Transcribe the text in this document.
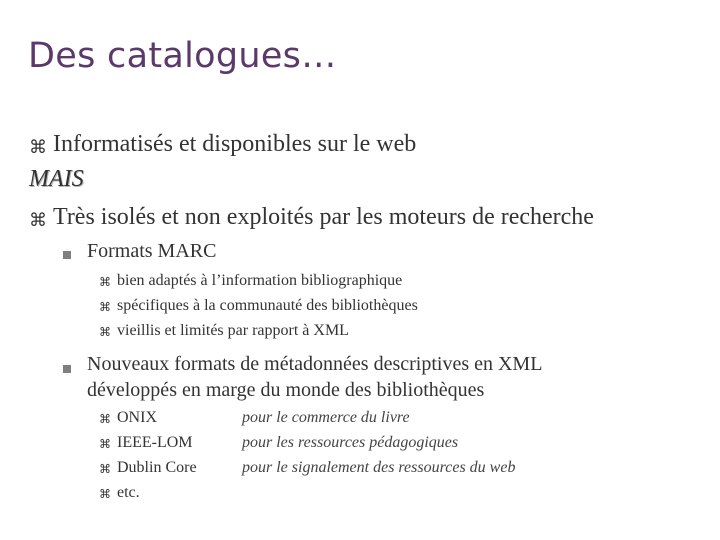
Des catalogues…
⌘ Informatisés et disponibles sur le web
MAIS
⌘ Très isolés et non exploités par les moteurs de recherche
Formats MARC
⌘ bien adaptés à l’information bibliographique
⌘ spécifiques à la communauté des bibliothèques
⌘ vieillis et limités par rapport à XML
Nouveaux formats de métadonnées descriptives en XML
développés en marge du monde des bibliothèques
⌘ ONIX	pour le commerce du livre
⌘ IEEE-LOM	pour les ressources pédagogiques
⌘ Dublin Core	pour le signalement des ressources du web
⌘ etc.
